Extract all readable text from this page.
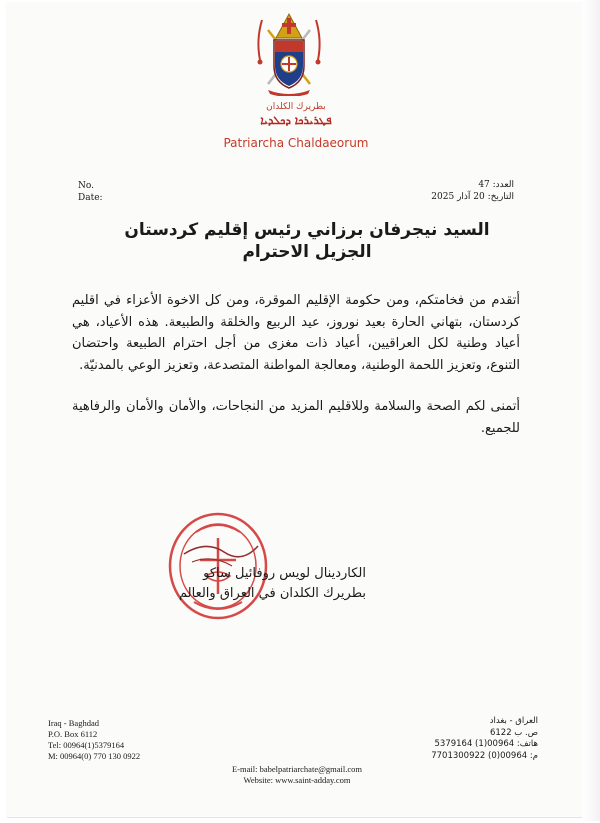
بطريرك الكلدان
ܦܛܪܝܪܟܐ ܕܟܠܕܝܐ
Patriarcha Chaldaeorum
No.
Date:
العدد: 47
التاريخ: 20 آذار 2025
السيد نيجرفان برزاني رئيس إقليم كردستان
الجزيل الاحترام

أتقدم من فخامتكم، ومن حكومة الإقليم الموقرة، ومن كل الاخوة الأعزاء في اقليم كردستان، بتهاني الحارة بعيد نوروز، عيد الربيع والخلقة والطبيعة. هذه الأعياد، هي أعياد وطنية لكل العراقيين، أعياد ذات مغزى من أجل احترام الطبيعة واحتضان التنوع، وتعزيز اللحمة الوطنية، ومعالجة المواطنة المتصدعة، وتعزيز الوعي بالمدنيّة.

أتمنى لكم الصحة والسلامة وللاقليم المزيد من النجاحات، والأمان والأمان والرفاهية للجميع.

الكاردينال لويس روفائيل ساكو
بطريرك الكلدان في العراق والعالم
Iraq - Baghdad
P.O. Box 6112
Tel: 00964(1)5379164
M: 00964(0) 770 130 0922
العراق - بغداد
ص. ب 6122
هاتف: 00964(1) 5379164
م: 00964(0) 7701300922
E-mail: babelpatriarchate@gmail.com
Website: www.saint-adday.com
